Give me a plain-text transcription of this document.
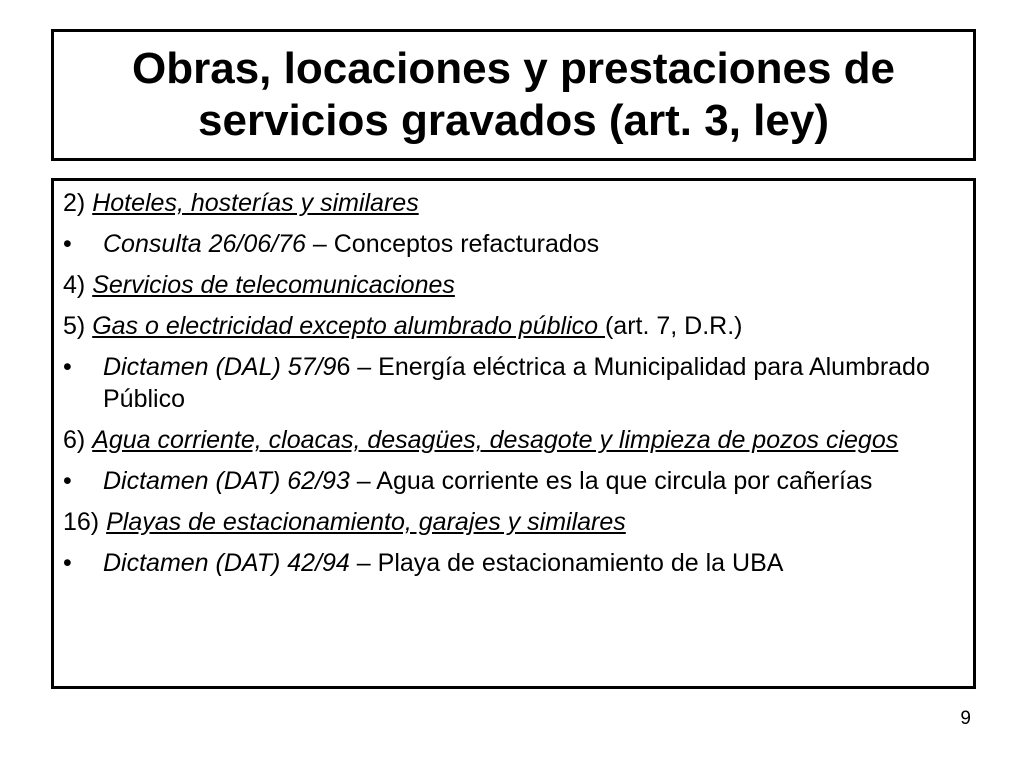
Obras, locaciones y prestaciones de servicios gravados (art. 3, ley)
2) Hoteles, hosterías y similares
•	Consulta 26/06/76 – Conceptos refacturados
4) Servicios de telecomunicaciones
5) Gas o electricidad excepto alumbrado público (art. 7, D.R.)
•	Dictamen (DAL) 57/96 – Energía eléctrica a Municipalidad para Alumbrado Público
6) Agua corriente, cloacas, desagües, desagote y limpieza de pozos ciegos
•	Dictamen (DAT) 62/93 – Agua corriente es la que circula por cañerías
16) Playas de estacionamiento, garajes y similares
•	Dictamen (DAT) 42/94 – Playa de estacionamiento de la UBA
9
